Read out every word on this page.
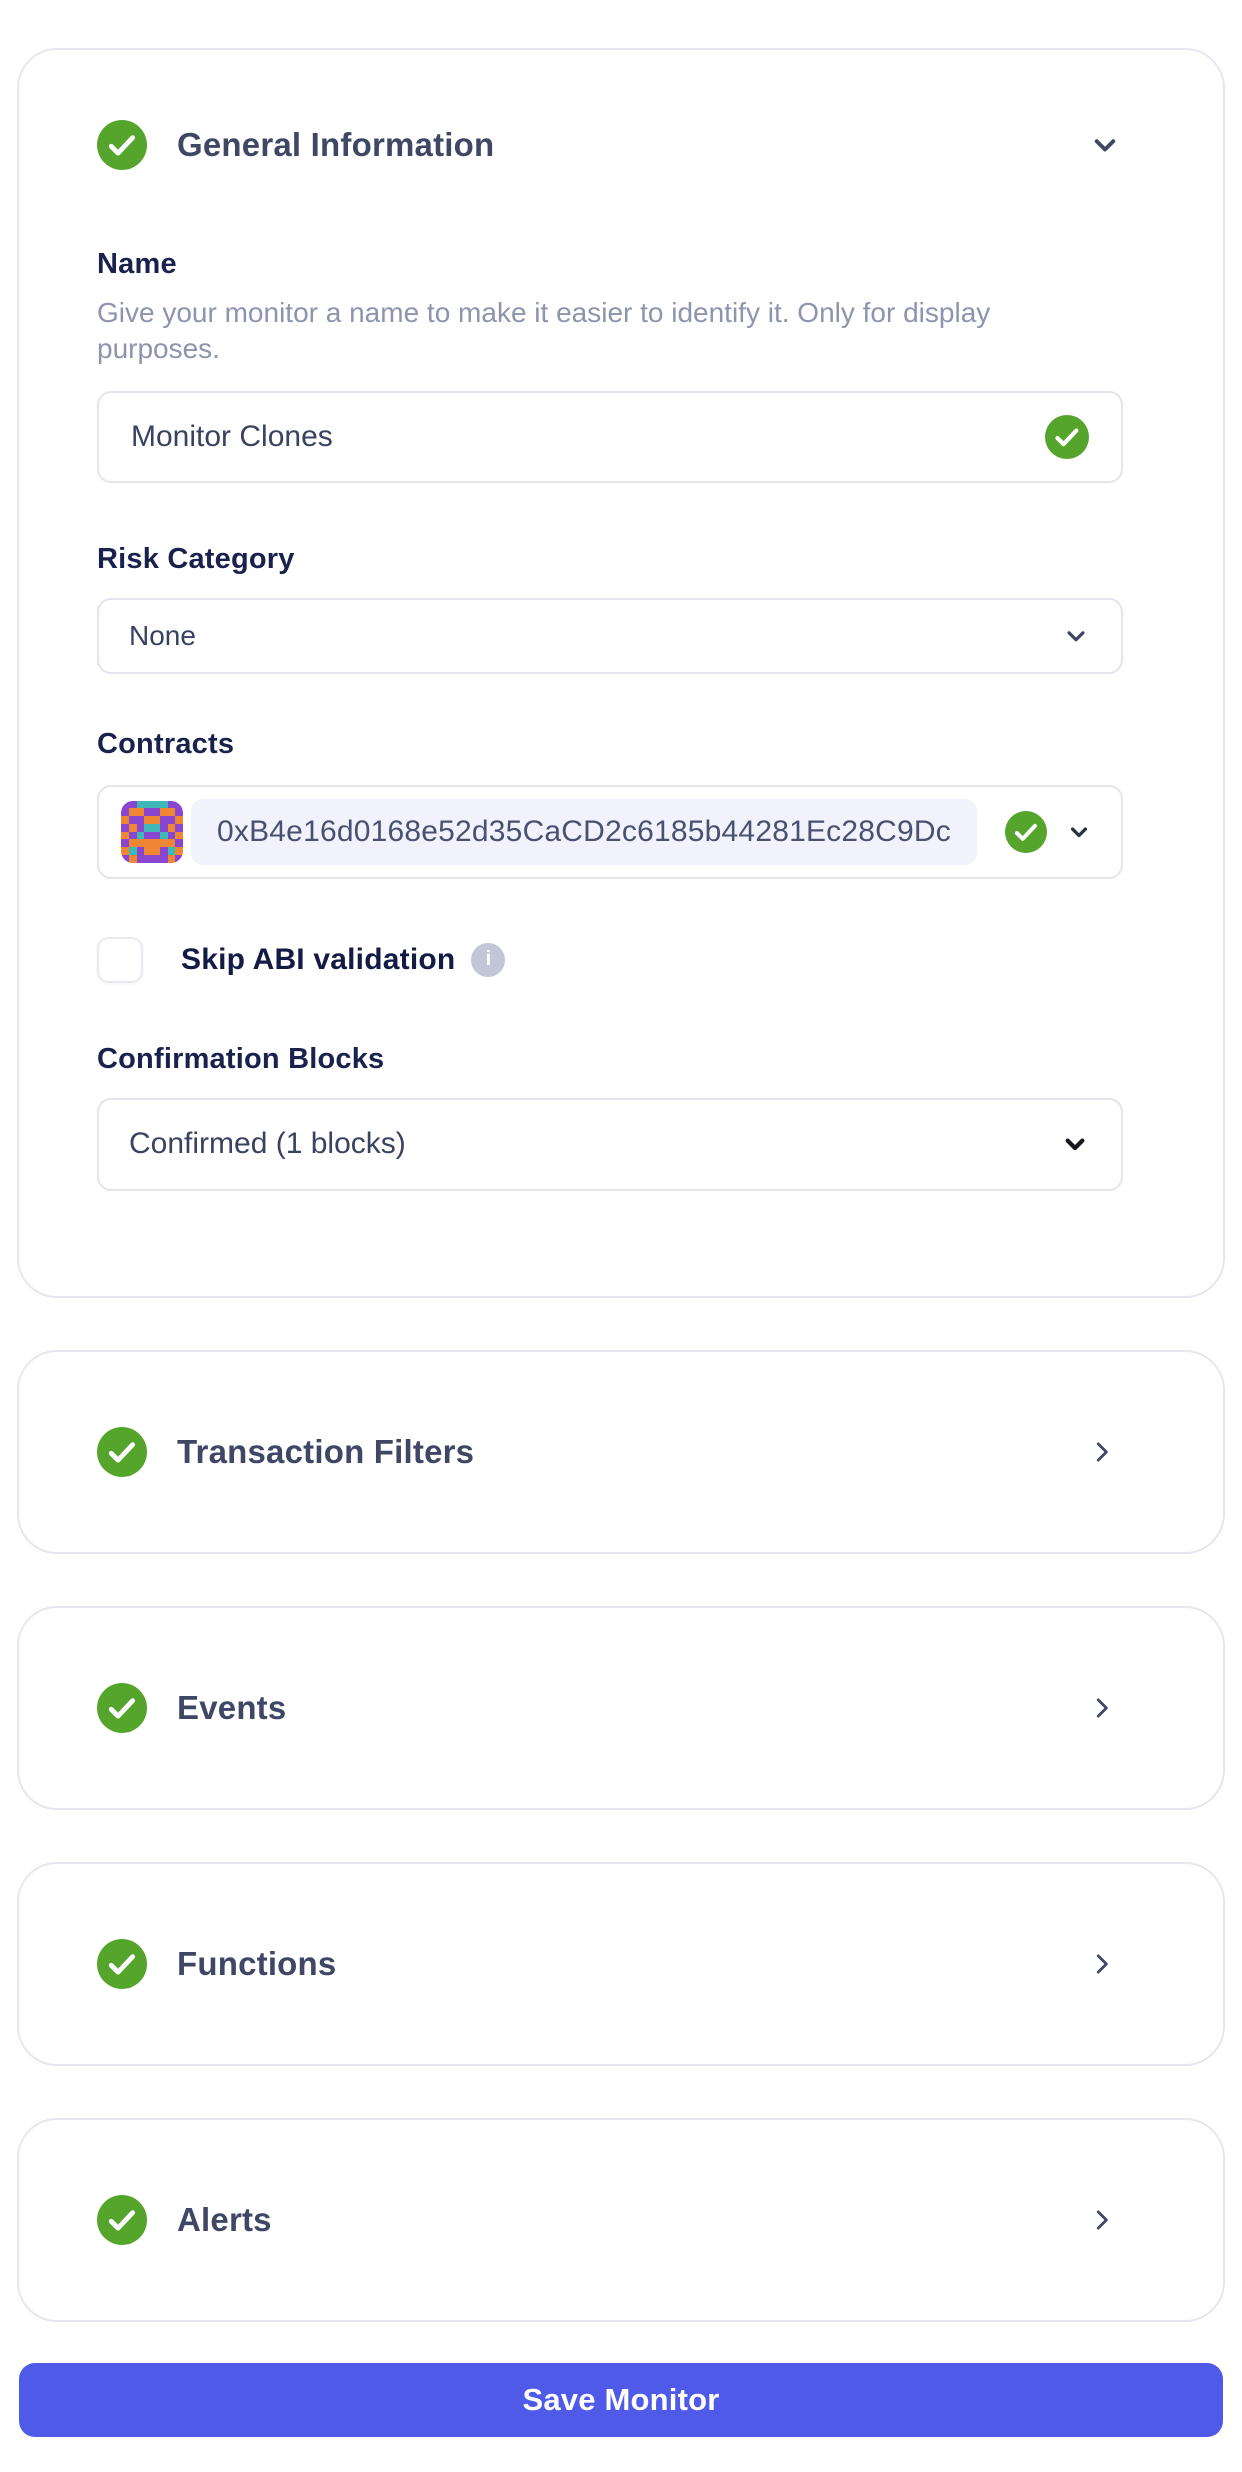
General Information
Name
Give your monitor a name to make it easier to identify it. Only for display purposes.
Monitor Clones
Risk Category
None
Contracts
0xB4e16d0168e52d35CaCD2c6185b44281Ec28C9Dc
Skip ABI validation	i
Confirmation Blocks
Confirmed (1 blocks)
Transaction Filters
Events
Functions
Alerts
Save Monitor
